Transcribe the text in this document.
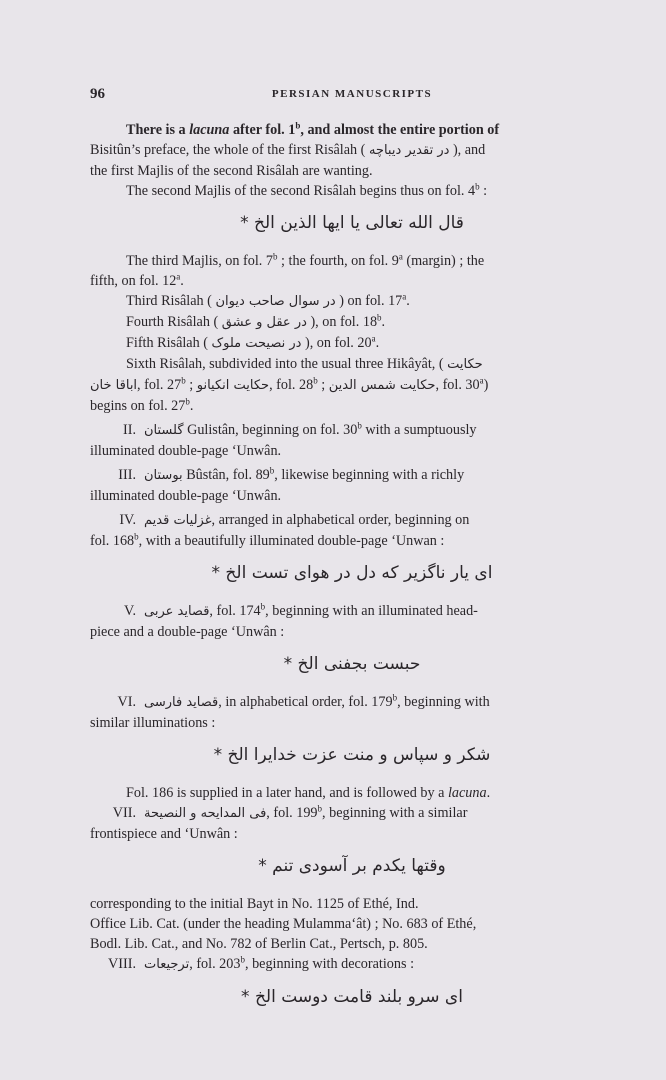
96	PERSIAN MANUSCRIPTS

There is a lacuna after fol. 1$^b$, and almost the entire portion of

Bisitûn’s preface, the whole of the first Risâlah ( در تقدیر دیباچه ), and

the first Majlis of the second Risâlah are wanting.

The second Majlis of the second Risâlah begins thus on fol. 4$^b$ :

قال الله تعالی یا ایها الذین الخ *

The third Majlis, on fol. 7$^b$ ; the fourth, on fol. 9$^a$ (margin) ; the

fifth, on fol. 12$^a$.

Third Risâlah ( در سوال صاحب دیوان ) on fol. 17$^a$.

Fourth Risâlah ( در عقل و عشق ), on fol. 18$^b$.

Fifth Risâlah ( در نصیحت ملوک ), on fol. 20$^a$.

Sixth Risâlah, subdivided into the usual three Hikâyât, ( حکایت

اباقا خان, fol. 27$^b$ ; حکایت انکیانو, fol. 28$^b$ ; حکایت شمس الدین, fol. 30$^a$)

begins on fol. 27$^b$.

II. گلستان Gulistân, beginning on fol. 30$^b$ with a sumptuously

illuminated double-page ‘Unwân.

III. بوستان Bûstân, fol. 89$^b$, likewise beginning with a richly

illuminated double-page ‘Unwân.

IV. غزلیات قدیم, arranged in alphabetical order, beginning on

fol. 168$^b$, with a beautifully illuminated double-page ‘Unwan :

ای یار ناگزیر که دل در هوای تست الخ *

V. قصاید عربی, fol. 174$^b$, beginning with an illuminated head-

piece and a double-page ‘Unwân :

حبست بجفنی الخ *

VI. قصاید فارسی, in alphabetical order, fol. 179$^b$, beginning with

similar illuminations :

شکر و سپاس و منت عزت خدایرا الخ *

Fol. 186 is supplied in a later hand, and is followed by a lacuna.

VII. فی المدایحه و النصیحة, fol. 199$^b$, beginning with a similar

frontispiece and ‘Unwân :

وقتها یکدم بر آسودی تنم *

corresponding to the initial Bayt in No. 1125 of Ethé, Ind.

Office Lib. Cat. (under the heading Mulamma‘ât) ; No. 683 of Ethé,

Bodl. Lib. Cat., and No. 782 of Berlin Cat., Pertsch, p. 805.

VIII. ترجیعات, fol. 203$^b$, beginning with decorations :

ای سرو بلند قامت دوست الخ *
